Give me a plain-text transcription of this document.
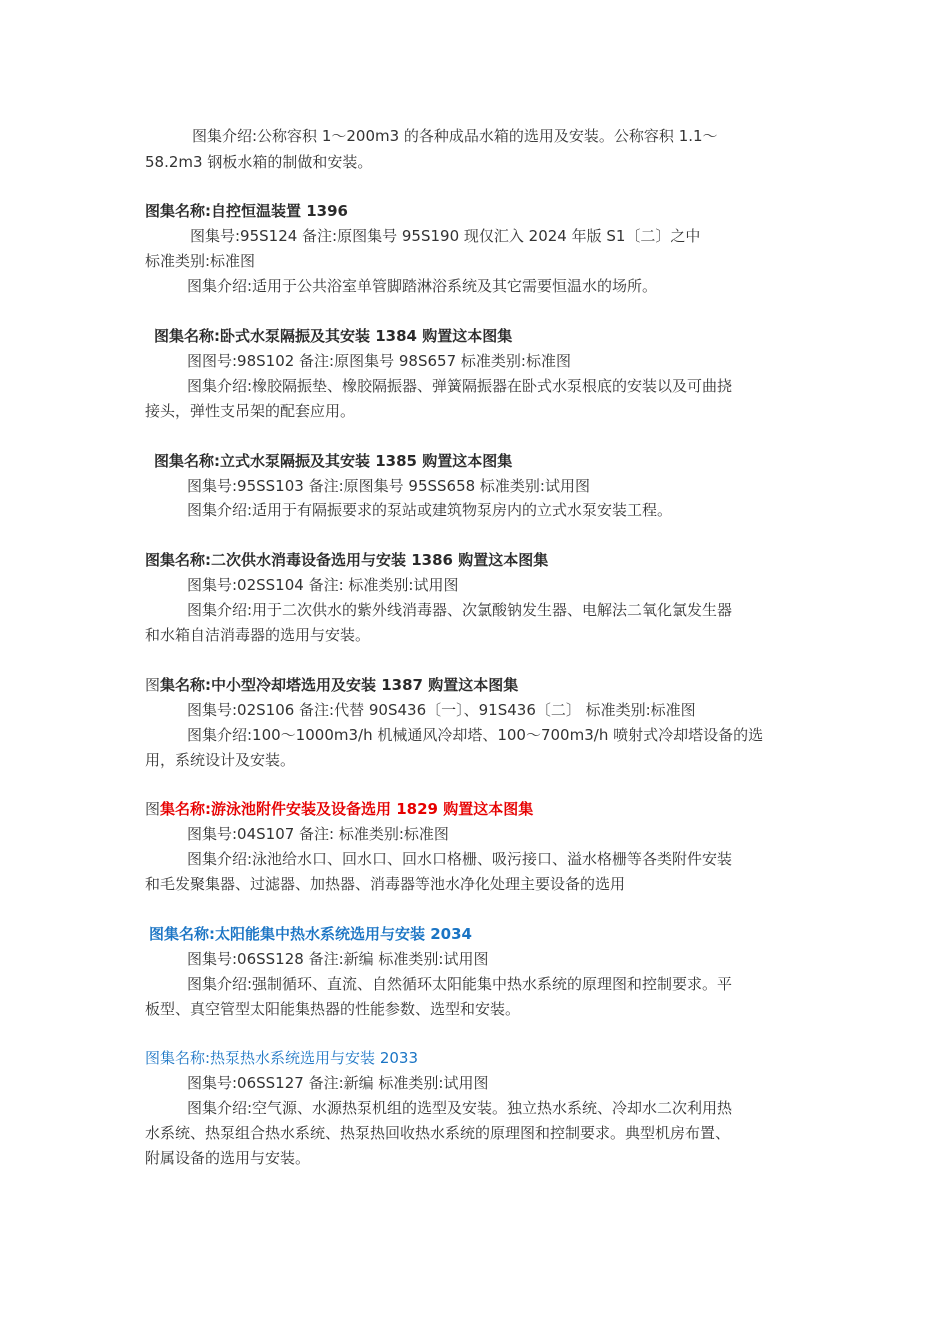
图集介绍:公称容积 1～200m3 的各种成品水箱的选用及安装。公称容积 1.1～
58.2m3 钢板水箱的制做和安装。
图集名称:自控恒温装置 1396
图集号:95S124 备注:原图集号 95S190 现仅汇入 2024 年版 S1〔二〕之中
标准类别:标准图
图集介绍:适用于公共浴室单管脚踏淋浴系统及其它需要恒温水的场所。
图集名称:卧式水泵隔振及其安装 1384 购置这本图集
图图号:98S102 备注:原图集号 98S657 标准类别:标准图
图集介绍:橡胶隔振垫、橡胶隔振器、弹簧隔振器在卧式水泵根底的安装以及可曲挠
接头，弹性支吊架的配套应用。
图集名称:立式水泵隔振及其安装 1385 购置这本图集
图集号:95SS103 备注:原图集号 95SS658 标准类别:试用图
图集介绍:适用于有隔振要求的泵站或建筑物泵房内的立式水泵安装工程。
图集名称:二次供水消毒设备选用与安装 1386 购置这本图集
图集号:02SS104 备注: 标准类别:试用图
图集介绍:用于二次供水的紫外线消毒器、次氯酸钠发生器、电解法二氧化氯发生器
和水箱自洁消毒器的选用与安装。
图集名称:中小型冷却塔选用及安装 1387 购置这本图集
图集号:02S106 备注:代替 90S436〔一〕、91S436〔二〕 标准类别:标准图
图集介绍:100～1000m3/h 机械通风冷却塔、100～700m3/h 喷射式冷却塔设备的选
用，系统设计及安装。
图集名称:游泳池附件安装及设备选用 1829 购置这本图集
图集号:04S107 备注: 标准类别:标准图
图集介绍:泳池给水口、回水口、回水口格栅、吸污接口、溢水格栅等各类附件安装
和毛发聚集器、过滤器、加热器、消毒器等池水净化处理主要设备的选用
图集名称:太阳能集中热水系统选用与安装 2034
图集号:06SS128 备注:新编 标准类别:试用图
图集介绍:强制循环、直流、自然循环太阳能集中热水系统的原理图和控制要求。平
板型、真空管型太阳能集热器的性能参数、选型和安装。
图集名称:热泵热水系统选用与安装 2033
图集号:06SS127 备注:新编 标准类别:试用图
图集介绍:空气源、水源热泵机组的选型及安装。独立热水系统、冷却水二次利用热
水系统、热泵组合热水系统、热泵热回收热水系统的原理图和控制要求。典型机房布置、
附属设备的选用与安装。
